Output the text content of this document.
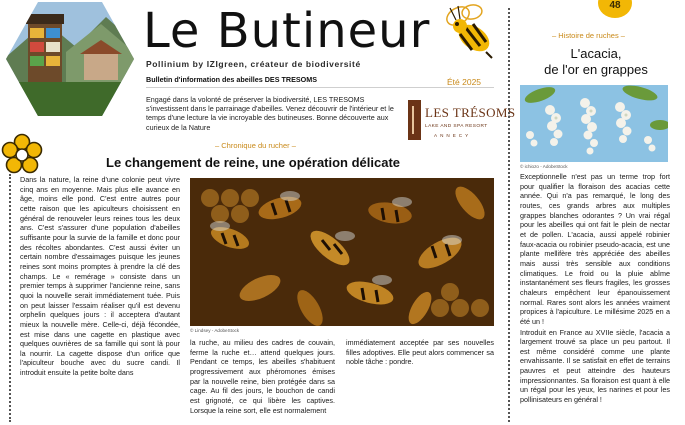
Le Butineur
Pollinium by IZIgreen, créateur de biodiversité
Bulletin d'information des abeilles DES TRESOMS	Été 2025
Engagé dans la volonté de préserver la biodiversité, LES TRESOMS s'investissent dans le parrainage d'abeilles. Venez découvrir de l'intérieur et le temps d'une lecture la vie incroyable des butineuses. Bonne découverte aux curieux de la Nature
LES TRÉSOMS
LAKE AND SPA RESORT
ANNECY
– Chronique du rucher –
Le changement de reine, une opération délicate
Dans la nature, la reine d'une colonie peut vivre cinq ans en moyenne. Mais plus elle avance en âge, moins elle pond. C'est entre autres pour cette raison que les apiculteurs choisissent en général de renouveler leurs reines tous les deux ans. C'est s'assurer d'une population d'abeilles suffisante pour la survie de la famille et donc pour des récoltes abondantes. C'est aussi éviter un certain nombre d'essaimages puisque les jeunes reines sont moins promptes à prendre la clé des champs. Le « remérage » consiste dans un premier temps à supprimer l'ancienne reine, sans quoi la nouvelle serait immédiatement tuée. Puis on peut laisser l'essaim réaliser qu'il est devenu orphelin quelques jours : il acceptera d'autant mieux la nouvelle mère. Celle-ci, déjà fécondée, est mise dans une cagette en plastique avec quelques ouvrières de sa famille qui sont là pour la nourrir. La cagette dispose d'un orifice que l'apiculteur bouche avec du sucre candi. Il introduit ensuite la petite boîte dans
© Lindsey - AdobeStock
la ruche, au milieu des cadres de couvain, ferme la ruche et… attend quelques jours. Pendant ce temps, les abeilles s'habituent progressivement aux phéromones émises par la nouvelle reine, bien protégée dans sa cage. Au fil des jours, le bouchon de candi est grignoté, ce qui libère les captives. Lorsque la reine sort, elle est normalement
immédiatement acceptée par ses nouvelles filles adoptives. Elle peut alors commencer sa noble tâche : pondre.
48
– Histoire de ruches –
L'acacia,
de l'or en grappes
© ichiozo - AdobeStock

Exceptionnelle n'est pas un terme trop fort pour qualifier la floraison des acacias cette année. Qui n'a pas remarqué, le long des routes, ces grands arbres aux multiples grappes blanches odorantes ? Un vrai régal pour les abeilles qui ont fait le plein de nectar et de pollen. L'acacia, aussi appelé robinier faux-acacia ou robinier pseudo-acacia, est une plante mellifère très appréciée des abeilles mais aussi très sensible aux conditions climatiques. Le froid ou la pluie abîme instantanément ses fleurs fragiles, les grosses chaleurs empêchent leur épanouissement normal. Rares sont alors les années vraiment propices à l'apiculture. Le millésime 2025 en a été un !

Introduit en France au XVIIe siècle, l'acacia a largement trouvé sa place un peu partout. Il est même considéré comme une plante envahissante. Il se satisfait en effet de terrains pauvres et peut atteindre des hauteurs impressionnantes. Sa floraison est quant à elle un régal pour les yeux, les narines et pour les pollinisateurs en général !
